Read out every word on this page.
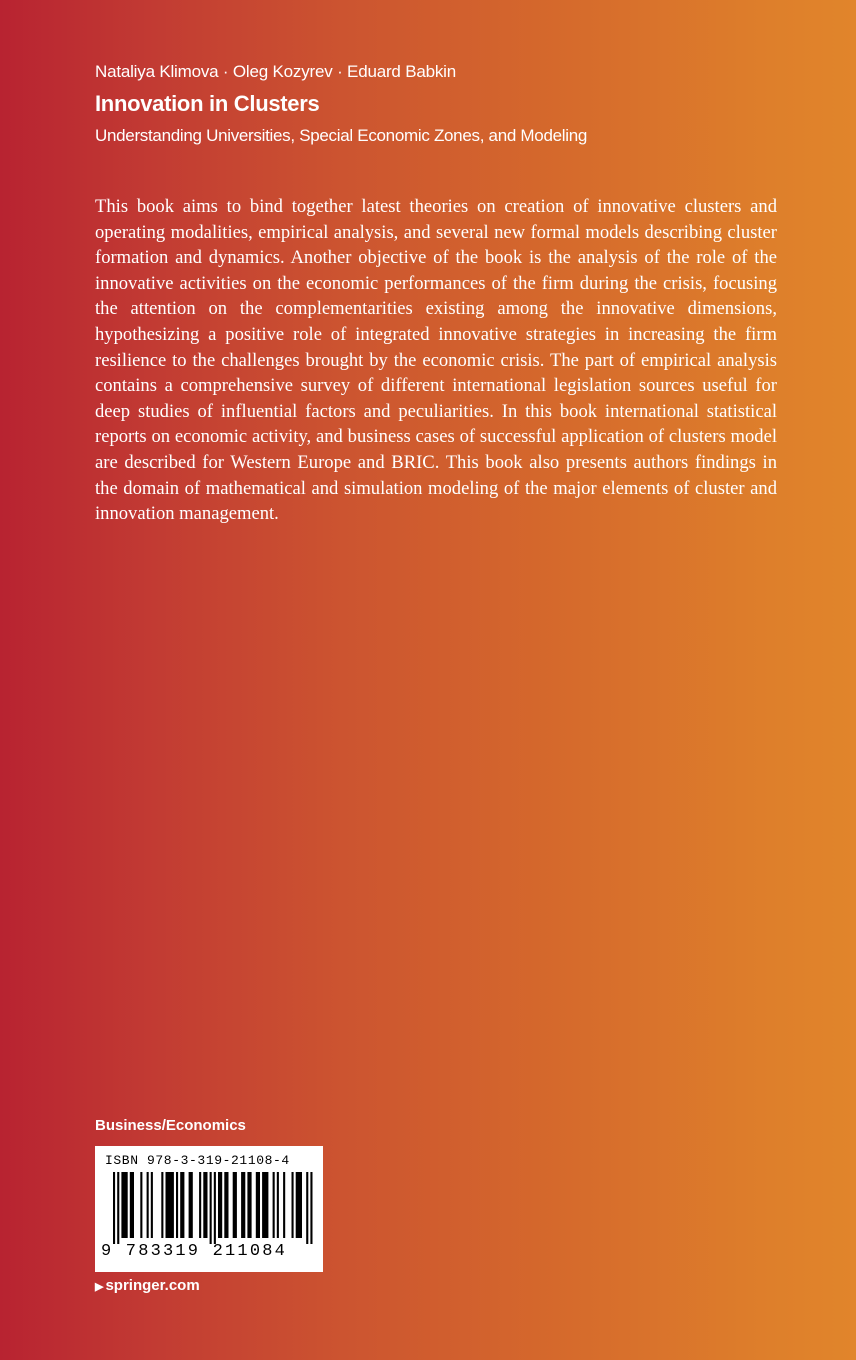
Nataliya Klimova · Oleg Kozyrev · Eduard Babkin
Innovation in Clusters
Understanding Universities, Special Economic Zones, and Modeling

This book aims to bind together latest theories on creation of innovative clusters and operating modalities, empirical analysis, and several new formal models describing cluster formation and dynamics. Another objective of the book is the analysis of the role of the innovative activities on the economic performances of the firm during the crisis, focusing the attention on the complementarities existing among the innovative dimensions, hypothesizing a positive role of integrated innovative strategies in increasing the firm resilience to the challenges brought by the economic crisis. The part of empirical analysis contains a comprehensive survey of different international legislation sources useful for deep studies of influential factors and peculiarities. In this book international statistical reports on economic activity, and business cases of successful application of clusters model are described for Western Europe and BRIC. This book also presents authors findings in the domain of mathematical and simulation modeling of the major elements of cluster and innovation management.

Business/Economics
ISBN 978-3-319-21108-4
9 783319 211084
▶ springer.com
